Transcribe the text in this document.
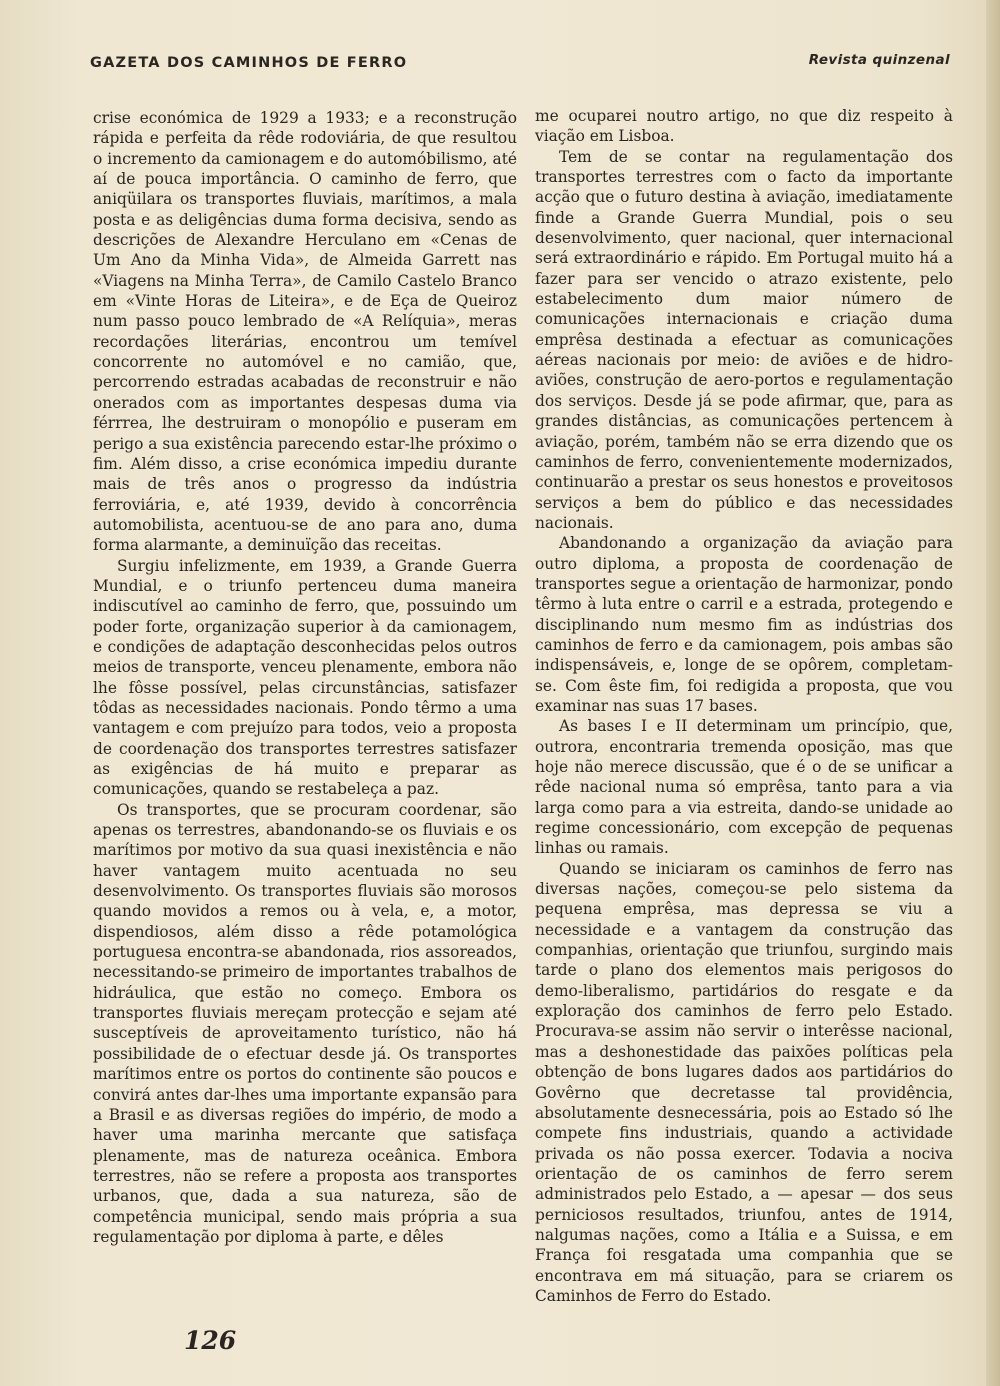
GAZETA DOS CAMINHOS DE FERRO	Revista quinzenal

crise económica de 1929 a 1933; e a reconstrução rápida e perfeita da rêde rodoviária, de que resultou o incremento da camionagem e do automóbilismo, até aí de pouca importância. O caminho de ferro, que aniqüilara os transportes fluviais, marítimos, a mala posta e as deligências duma forma decisiva, sendo as descrições de Alexandre Herculano em «Cenas de Um Ano da Minha Vida», de Almeida Garrett nas «Viagens na Minha Terra», de Camilo Castelo Branco em «Vinte Horas de Liteira», e de Eça de Queiroz num passo pouco lembrado de «A Relíquia», meras recordações literárias, encontrou um temível concorrente no automóvel e no camião, que, percorrendo estradas acabadas de reconstruir e não onerados com as importantes despesas duma via férrrea, lhe destruiram o monopólio e puseram em perigo a sua existência parecendo estar-lhe próximo o fim. Além disso, a crise económica impediu durante mais de três anos o progresso da indústria ferroviária, e, até 1939, devido à concorrência automobilista, acentuou-se de ano para ano, duma forma alarmante, a deminuïção das receitas.

Surgiu infelizmente, em 1939, a Grande Guerra Mundial, e o triunfo pertenceu duma maneira indiscutível ao caminho de ferro, que, possuindo um poder forte, organização superior à da camionagem, e condições de adaptação desconhecidas pelos outros meios de transporte, venceu plenamente, embora não lhe fôsse possível, pelas circunstâncias, satisfazer tôdas as necessidades nacionais. Pondo têrmo a uma vantagem e com prejuízo para todos, veio a proposta de coordenação dos transportes terrestres satisfazer as exigências de há muito e preparar as comunicações, quando se restabeleça a paz.

Os transportes, que se procuram coordenar, são apenas os terrestres, abandonando-se os fluviais e os marítimos por motivo da sua quasi inexistência e não haver vantagem muito acentuada no seu desenvolvimento. Os transportes fluviais são morosos quando movidos a remos ou à vela, e, a motor, dispendiosos, além disso a rêde potamológica portuguesa encontra-se abandonada, rios assoreados, necessitando-se primeiro de importantes trabalhos de hidráulica, que estão no começo. Embora os transportes fluviais mereçam protecção e sejam até susceptíveis de aproveitamento turístico, não há possibilidade de o efectuar desde já. Os transportes marítimos entre os portos do continente são poucos e convirá antes dar-lhes uma importante expansão para a Brasil e as diversas regiões do império, de modo a haver uma marinha mercante que satisfaça plenamente, mas de natureza oceânica. Embora terrestres, não se refere a proposta aos transportes urbanos, que, dada a sua natureza, são de competência municipal, sendo mais própria a sua regulamentação por diploma à parte, e dêles

me ocuparei noutro artigo, no que diz respeito à viação em Lisboa.

Tem de se contar na regulamentação dos transportes terrestres com o facto da importante acção que o futuro destina à aviação, imediatamente finde a Grande Guerra Mundial, pois o seu desenvolvimento, quer nacional, quer internacional será extraordinário e rápido. Em Portugal muito há a fazer para ser vencido o atrazo existente, pelo estabelecimento dum maior número de comunicações internacionais e criação duma emprêsa destinada a efectuar as comunicações aéreas nacionais por meio: de aviões e de hidro-aviões, construção de aero-portos e regulamentação dos serviços. Desde já se pode afirmar, que, para as grandes distâncias, as comunicações pertencem à aviação, porém, também não se erra dizendo que os caminhos de ferro, convenientemente modernizados, continuarão a prestar os seus honestos e proveitosos serviços a bem do público e das necessidades nacionais.

Abandonando a organização da aviação para outro diploma, a proposta de coordenação de transportes segue a orientação de harmonizar, pondo têrmo à luta entre o carril e a estrada, protegendo e disciplinando num mesmo fim as indústrias dos caminhos de ferro e da camionagem, pois ambas são indispensáveis, e, longe de se opôrem, completam-se. Com êste fim, foi redigida a proposta, que vou examinar nas suas 17 bases.

As bases I e II determinam um princípio, que, outrora, encontraria tremenda oposição, mas que hoje não merece discussão, que é o de se unificar a rêde nacional numa só emprêsa, tanto para a via larga como para a via estreita, dando-se unidade ao regime concessionário, com excepção de pequenas linhas ou ramais.

Quando se iniciaram os caminhos de ferro nas diversas nações, começou-se pelo sistema da pequena emprêsa, mas depressa se viu a necessidade e a vantagem da construção das companhias, orientação que triunfou, surgindo mais tarde o plano dos elementos mais perigosos do demo-liberalismo, partidários do resgate e da exploração dos caminhos de ferro pelo Estado. Procurava-se assim não servir o interêsse nacional, mas a deshonestidade das paixões políticas pela obtenção de bons lugares dados aos partidários do Govêrno que decretasse tal providência, absolutamente desnecessária, pois ao Estado só lhe compete fins industriais, quando a actividade privada os não possa exercer. Todavia a nociva orientação de os caminhos de ferro serem administrados pelo Estado, a — apesar — dos seus perniciosos resultados, triunfou, antes de 1914, nalgumas nações, como a Itália e a Suissa, e em França foi resgatada uma companhia que se encontrava em má situação, para se criarem os Caminhos de Ferro do Estado.

126
